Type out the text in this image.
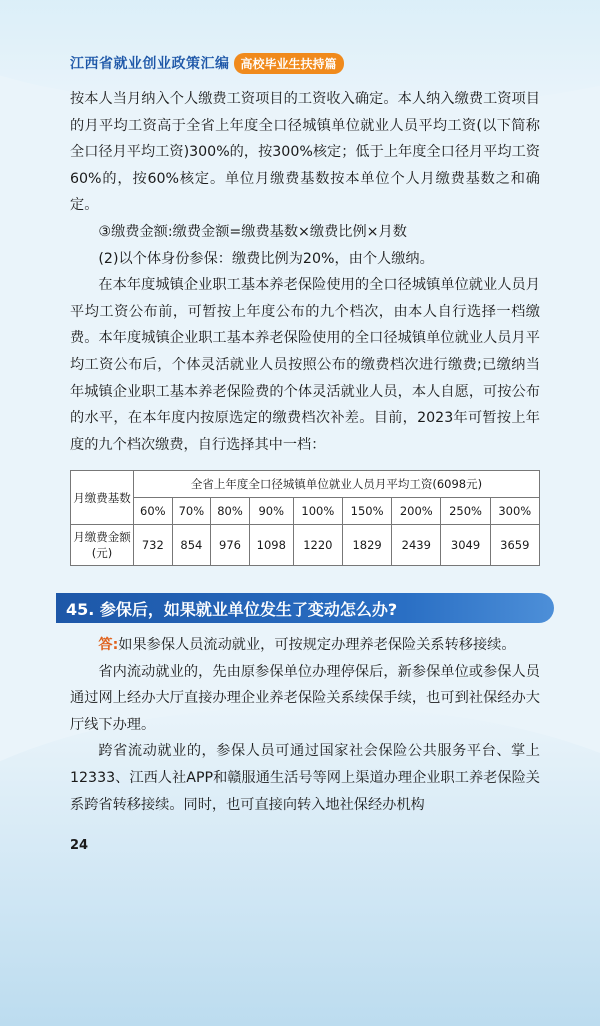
江西省就业创业政策汇编 高校毕业生扶持篇

按本人当月纳入个人缴费工资项目的工资收入确定。本人纳入缴费工资项目的月平均工资高于全省上年度全口径城镇单位就业人员平均工资(以下简称全口径月平均工资)300%的，按300%核定；低于上年度全口径月平均工资60%的，按60%核定。单位月缴费基数按本单位个人月缴费基数之和确定。

③缴费金额:缴费金额=缴费基数×缴费比例×月数

(2)以个体身份参保：缴费比例为20%，由个人缴纳。

在本年度城镇企业职工基本养老保险使用的全口径城镇单位就业人员月平均工资公布前，可暂按上年度公布的九个档次，由本人自行选择一档缴费。本年度城镇企业职工基本养老保险使用的全口径城镇单位就业人员月平均工资公布后，个体灵活就业人员按照公布的缴费档次进行缴费;已缴纳当年城镇企业职工基本养老保险费的个体灵活就业人员，本人自愿，可按公布的水平，在本年度内按原选定的缴费档次补差。目前，2023年可暂按上年度的九个档次缴费，自行选择其中一档：

月缴费基数	全省上年度全口径城镇单位就业人员月平均工资(6098元)								
	60%	70%	80%	90%	100%	150%	200%	250%	300%
月缴费金额(元)	732	854	976	1098	1220	1829	2439	3049	3659
45. 参保后，如果就业单位发生了变动怎么办?

答:如果参保人员流动就业，可按规定办理养老保险关系转移接续。

省内流动就业的，先由原参保单位办理停保后，新参保单位或参保人员通过网上经办大厅直接办理企业养老保险关系续保手续，也可到社保经办大厅线下办理。

跨省流动就业的，参保人员可通过国家社会保险公共服务平台、掌上12333、江西人社APP和赣服通生活号等网上渠道办理企业职工养老保险关系跨省转移接续。同时，也可直接向转入地社保经办机构

24
